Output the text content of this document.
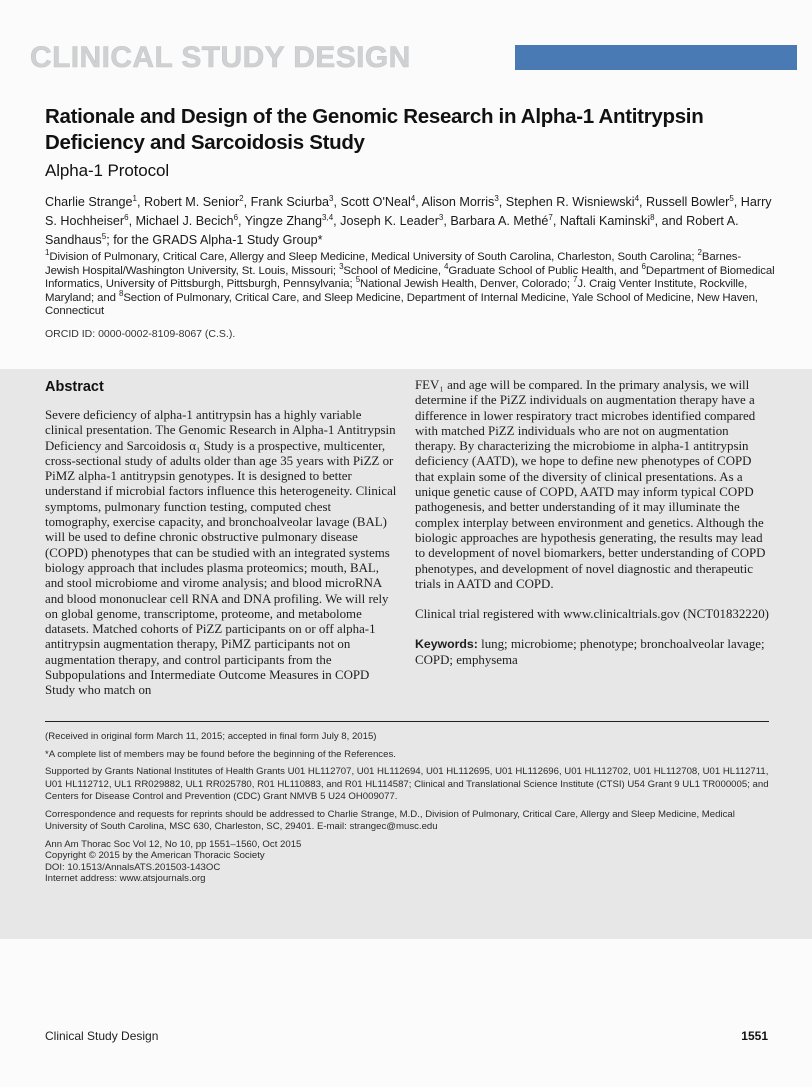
CLINICAL STUDY DESIGN
Rationale and Design of the Genomic Research in Alpha-1 Antitrypsin Deficiency and Sarcoidosis Study
Alpha-1 Protocol
Charlie Strange$^1$, Robert M. Senior$^2$, Frank Sciurba$^3$, Scott O'Neal$^4$, Alison Morris$^3$, Stephen R. Wisniewski$^4$, Russell Bowler$^5$, Harry S. Hochheiser$^6$, Michael J. Becich$^6$, Yingze Zhang$^{3,4}$, Joseph K. Leader$^3$, Barbara A. Methé$^7$, Naftali Kaminski$^8$, and Robert A. Sandhaus$^5$; for the GRADS Alpha-1 Study Group*
$^1$Division of Pulmonary, Critical Care, Allergy and Sleep Medicine, Medical University of South Carolina, Charleston, South Carolina; $^2$Barnes-Jewish Hospital/Washington University, St. Louis, Missouri; $^3$School of Medicine, $^4$Graduate School of Public Health, and $^6$Department of Biomedical Informatics, University of Pittsburgh, Pittsburgh, Pennsylvania; $^5$National Jewish Health, Denver, Colorado; $^7$J. Craig Venter Institute, Rockville, Maryland; and $^8$Section of Pulmonary, Critical Care, and Sleep Medicine, Department of Internal Medicine, Yale School of Medicine, New Haven, Connecticut
ORCID ID: 0000-0002-8109-8067 (C.S.).
Abstract

Severe deficiency of alpha-1 antitrypsin has a highly variable clinical presentation. The Genomic Research in Alpha-1 Antitrypsin Deficiency and Sarcoidosis α₁ Study is a prospective, multicenter, cross-sectional study of adults older than age 35 years with PiZZ or PiMZ alpha-1 antitrypsin genotypes. It is designed to better understand if microbial factors influence this heterogeneity. Clinical symptoms, pulmonary function testing, computed chest tomography, exercise capacity, and bronchoalveolar lavage (BAL) will be used to define chronic obstructive pulmonary disease (COPD) phenotypes that can be studied with an integrated systems biology approach that includes plasma proteomics; mouth, BAL, and stool microbiome and virome analysis; and blood microRNA and blood mononuclear cell RNA and DNA profiling. We will rely on global genome, transcriptome, proteome, and metabolome datasets. Matched cohorts of PiZZ participants on or off alpha-1 antitrypsin augmentation therapy, PiMZ participants not on augmentation therapy, and control participants from the Subpopulations and Intermediate Outcome Measures in COPD Study who match on

FEV₁ and age will be compared. In the primary analysis, we will determine if the PiZZ individuals on augmentation therapy have a difference in lower respiratory tract microbes identified compared with matched PiZZ individuals who are not on augmentation therapy. By characterizing the microbiome in alpha-1 antitrypsin deficiency (AATD), we hope to define new phenotypes of COPD that explain some of the diversity of clinical presentations. As a unique genetic cause of COPD, AATD may inform typical COPD pathogenesis, and better understanding of it may illuminate the complex interplay between environment and genetics. Although the biologic approaches are hypothesis generating, the results may lead to development of novel biomarkers, better understanding of COPD phenotypes, and development of novel diagnostic and therapeutic trials in AATD and COPD.

Clinical trial registered with www.clinicaltrials.gov (NCT01832220)

Keywords: lung; microbiome; phenotype; bronchoalveolar lavage; COPD; emphysema

(Received in original form March 11, 2015; accepted in final form July 8, 2015)

*A complete list of members may be found before the beginning of the References.

Supported by Grants National Institutes of Health Grants U01 HL112707, U01 HL112694, U01 HL112695, U01 HL112696, U01 HL112702, U01 HL112708, U01 HL112711, U01 HL112712, UL1 RR029882, UL1 RR025780, R01 HL110883, and R01 HL114587; Clinical and Translational Science Institute (CTSI) U54 Grant 9 UL1 TR000005; and Centers for Disease Control and Prevention (CDC) Grant NMVB 5 U24 OH009077.

Correspondence and requests for reprints should be addressed to Charlie Strange, M.D., Division of Pulmonary, Critical Care, Allergy and Sleep Medicine, Medical University of South Carolina, MSC 630, Charleston, SC, 29401. E-mail: strangec@musc.edu

Ann Am Thorac Soc Vol 12, No 10, pp 1551–1560, Oct 2015
Copyright © 2015 by the American Thoracic Society
DOI: 10.1513/AnnalsATS.201503-143OC
Internet address: www.atsjournals.org
Clinical Study Design	1551
